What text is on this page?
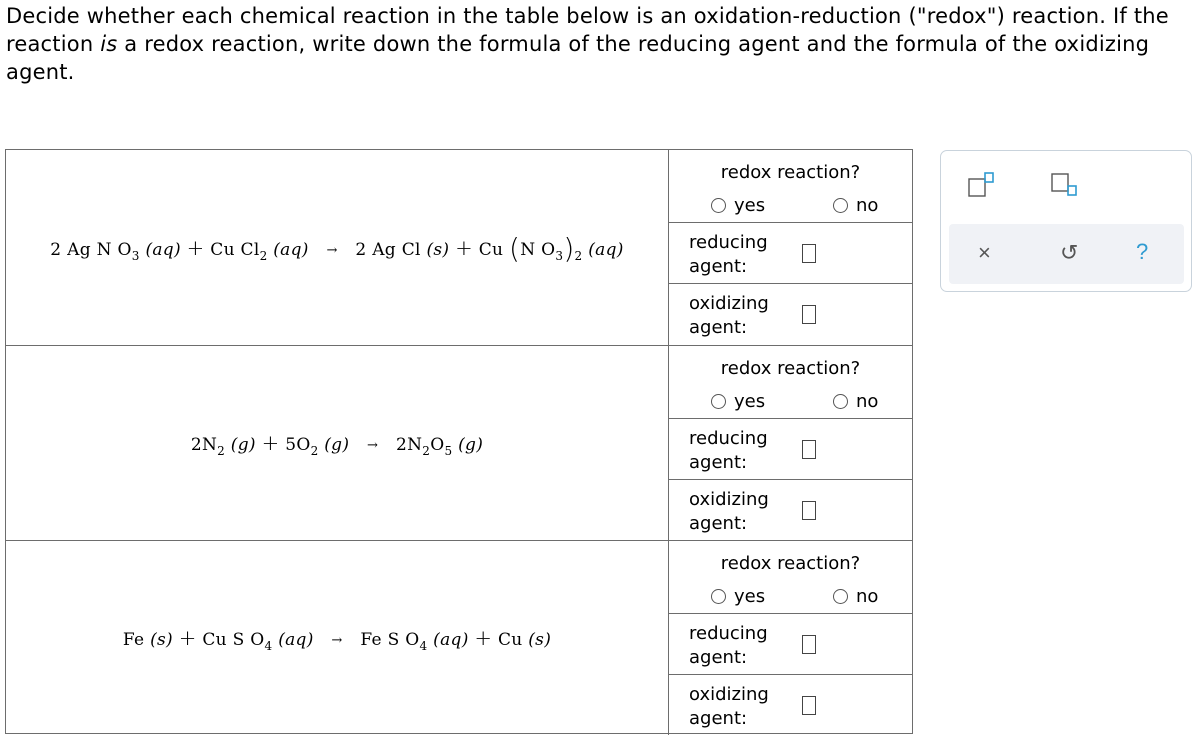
Decide whether each chemical reaction in the table below is an oxidation-reduction ("redox") reaction. If the reaction is a redox reaction, write down the formula of the reducing agent and the formula of the oxidizing agent.

2 Ag N $O_3$ (aq) + Cu $Cl_2$ (aq) → 2 Ag Cl (s) + Cu (N $O_3)_2$ (aq)
redox reaction?
yes	no
reducing
agent:
oxidizing
agent:
$2N_2$ $(g) + 5O_2$ $(g) \to 2N_2O_5$ (g)
redox reaction?
yes	no
reducing
agent:
oxidizing
agent:
Fe (s) + Cu S $O_4$ (aq) → Fe S $O_4$ (aq) + Cu (s)
redox reaction?
yes	no
reducing
agent:
oxidizing
agent:
×	↺	?
